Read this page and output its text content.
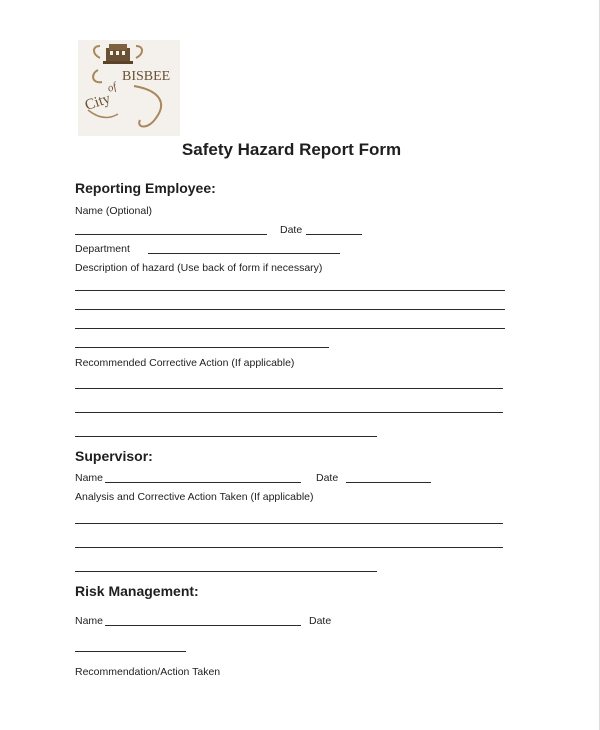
City
of
BISBEE
Safety Hazard Report Form
Reporting Employee:
Name (Optional)
Date
Department
Description of hazard (Use back of form if necessary)
Recommended Corrective Action (If applicable)
Supervisor:
Name	Date
Analysis and Corrective Action Taken (If applicable)
Risk Management:
Name	Date
Recommendation/Action Taken
